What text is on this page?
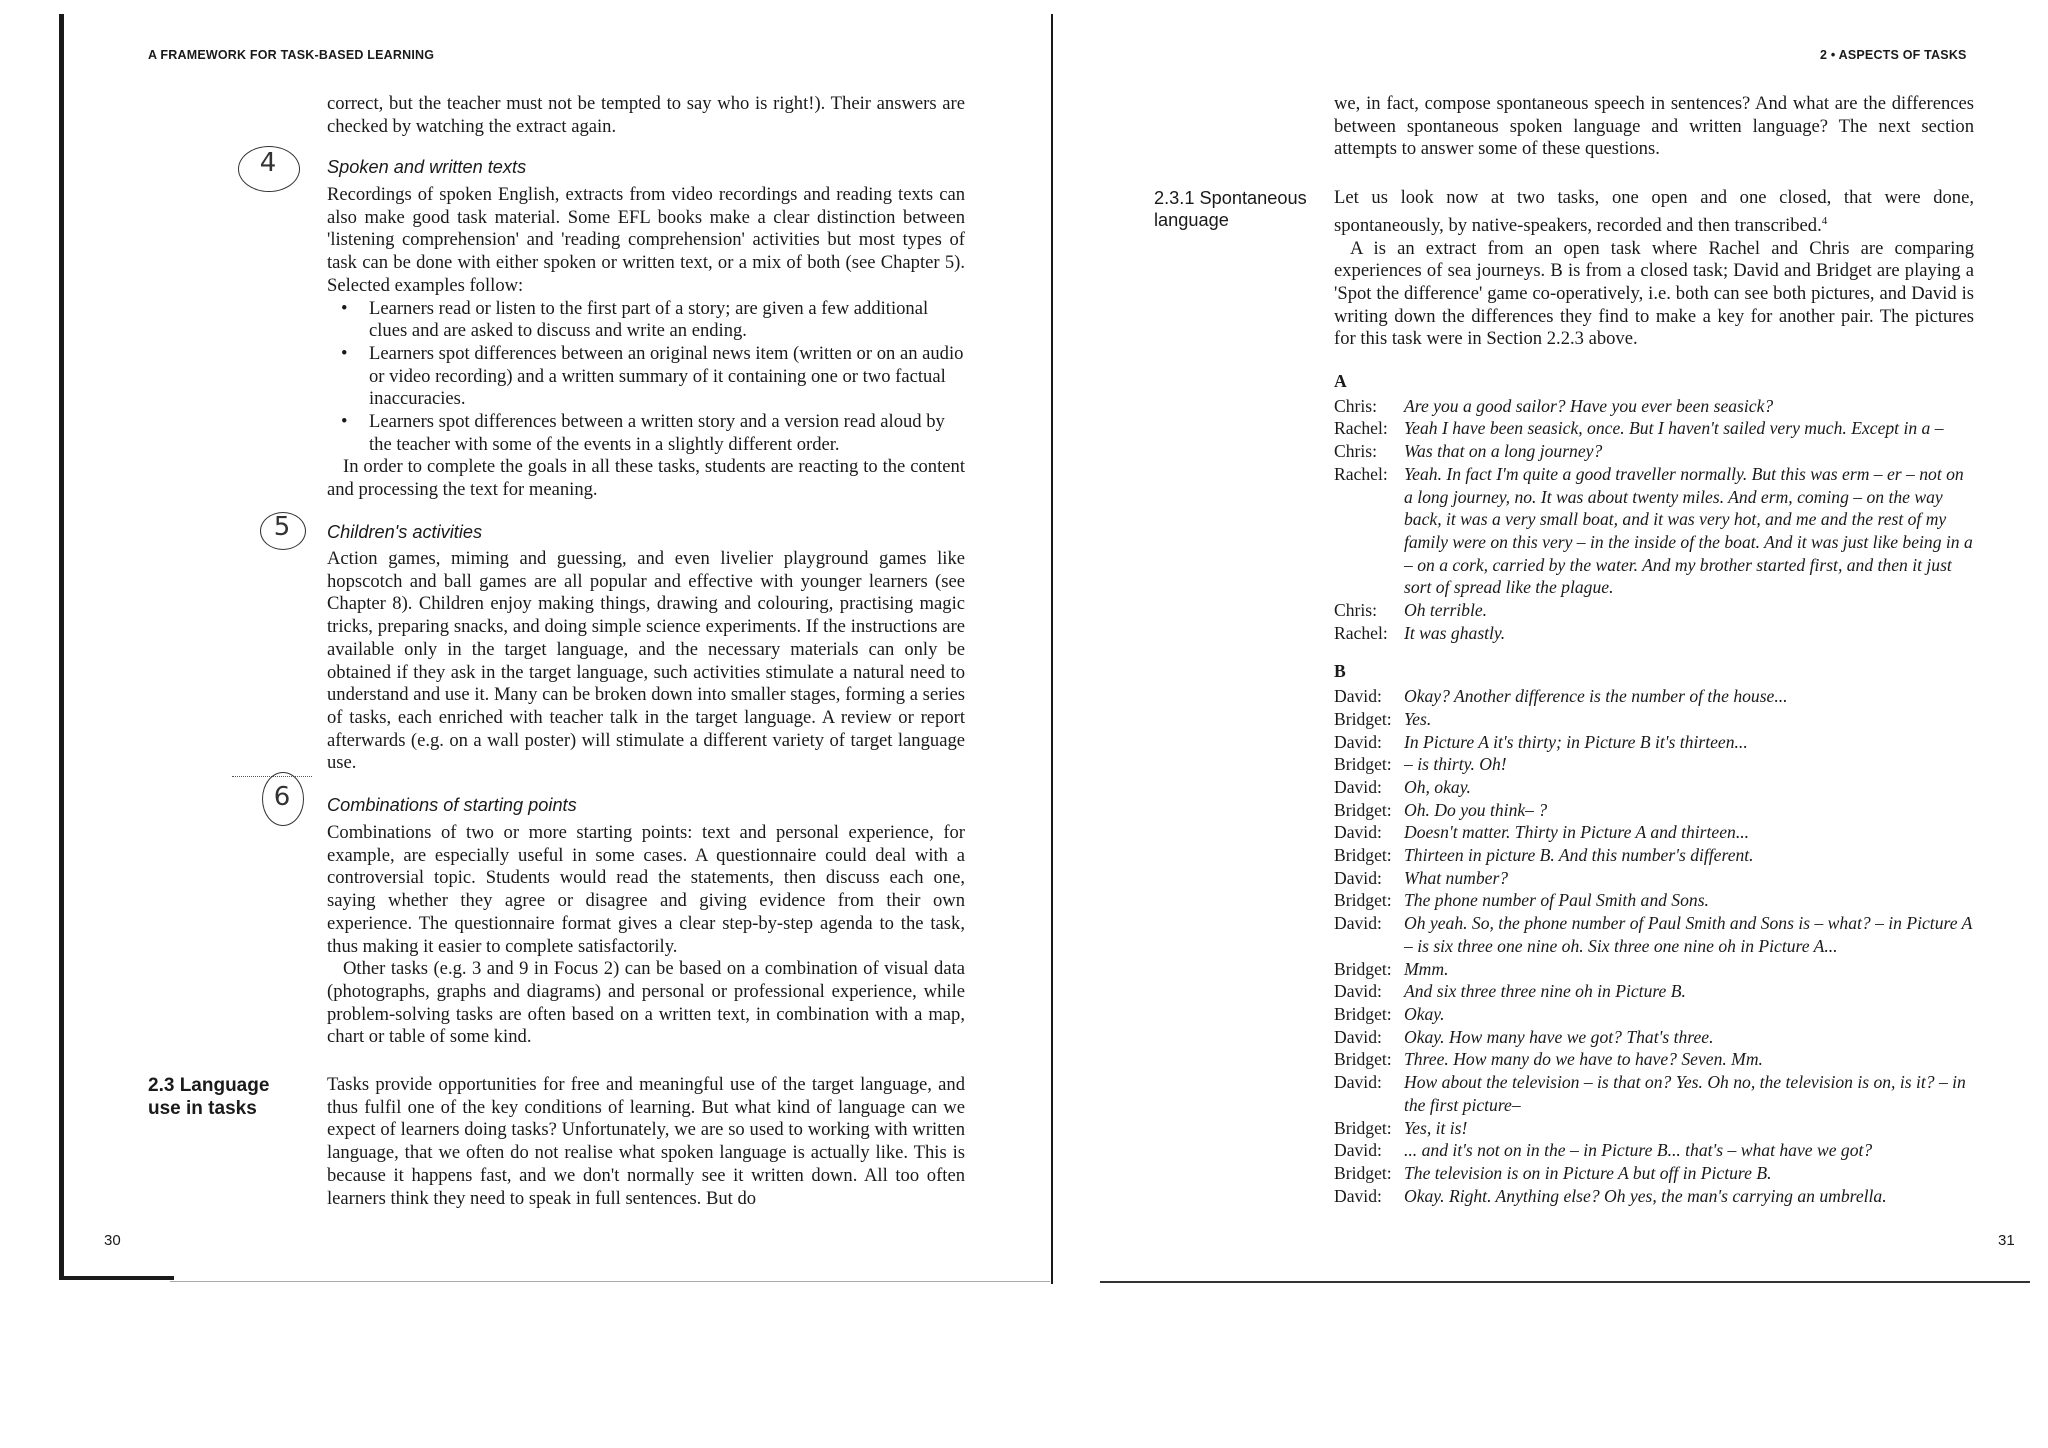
A FRAMEWORK FOR TASK-BASED LEARNING
correct, but the teacher must not be tempted to say who is right!). Their answers are checked by watching the extract again.
4	Spoken and written texts

Recordings of spoken English, extracts from video recordings and reading texts can also make good task material. Some EFL books make a clear distinction between 'listening comprehension' and 'reading comprehension' activities but most types of task can be done with either spoken or written text, or a mix of both (see Chapter 5). Selected examples follow:

• Learners read or listen to the first part of a story; are given a few additional clues and are asked to discuss and write an ending.
• Learners spot differences between an original news item (written or on an audio or video recording) and a written summary of it containing one or two factual inaccuracies.
• Learners spot differences between a written story and a version read aloud by the teacher with some of the events in a slightly different order.

In order to complete the goals in all these tasks, students are reacting to the content and processing the text for meaning.

5	Children's activities
Action games, miming and guessing, and even livelier playground games like hopscotch and ball games are all popular and effective with younger learners (see Chapter 8). Children enjoy making things, drawing and colouring, practising magic tricks, preparing snacks, and doing simple science experiments. If the instructions are available only in the target language, and the necessary materials can only be obtained if they ask in the target language, such activities stimulate a natural need to understand and use it. Many can be broken down into smaller stages, forming a series of tasks, each enriched with teacher talk in the target language. A review or report afterwards (e.g. on a wall poster) will stimulate a different variety of target language use.
6	Combinations of starting points

Combinations of two or more starting points: text and personal experience, for example, are especially useful in some cases. A questionnaire could deal with a controversial topic. Students would read the statements, then discuss each one, saying whether they agree or disagree and giving evidence from their own experience. The questionnaire format gives a clear step-by-step agenda to the task, thus making it easier to complete satisfactorily.

Other tasks (e.g. 3 and 9 in Focus 2) can be based on a combination of visual data (photographs, graphs and diagrams) and personal or professional experience, while problem-solving tasks are often based on a written text, in combination with a map, chart or table of some kind.

2.3 Language
use in tasks
Tasks provide opportunities for free and meaningful use of the target language, and thus fulfil one of the key conditions of learning. But what kind of language can we expect of learners doing tasks? Unfortunately, we are so used to working with written language, that we often do not realise what spoken language is actually like. This is because it happens fast, and we don't normally see it written down. All too often learners think they need to speak in full sentences. But do
30
2 • ASPECTS OF TASKS
we, in fact, compose spontaneous speech in sentences? And what are the differences between spontaneous spoken language and written language? The next section attempts to answer some of these questions.
2.3.1 Spontaneous
language

Let us look now at two tasks, one open and one closed, that were done, spontaneously, by native-speakers, recorded and then transcribed.$^4$

A is an extract from an open task where Rachel and Chris are comparing experiences of sea journeys. B is from a closed task; David and Bridget are playing a 'Spot the difference' game co-operatively, i.e. both can see both pictures, and David is writing down the differences they find to make a key for another pair. The pictures for this task were in Section 2.2.3 above.

A
Chris:	Are you a good sailor? Have you ever been seasick?
Rachel: Yeah I have been seasick, once. But I haven't sailed very much. Except in a –
Chris:	Was that on a long journey?
Rachel: Yeah. In fact I'm quite a good traveller normally. But this was erm – er – not on a long journey, no. It was about twenty miles. And erm, coming – on the way back, it was a very small boat, and it was very hot, and me and the rest of my family were on this very – in the inside of the boat. And it was just like being in a – on a cork, carried by the water. And my brother started first, and then it just sort of spread like the plague.
Chris:	Oh terrible.
Rachel: It was ghastly.
B
David:	Okay? Another difference is the number of the house...
Bridget: Yes.
David:	In Picture A it's thirty; in Picture B it's thirteen...
Bridget: – is thirty. Oh!
David:	Oh, okay.
Bridget: Oh. Do you think– ?
David:	Doesn't matter. Thirty in Picture A and thirteen...
Bridget: Thirteen in picture B. And this number's different.
David:	What number?
Bridget: The phone number of Paul Smith and Sons.
David:	Oh yeah. So, the phone number of Paul Smith and Sons is – what? – in Picture A – is six three one nine oh. Six three one nine oh in Picture A...
Bridget: Mmm.
David:	And six three three nine oh in Picture B.
Bridget: Okay.
David:	Okay. How many have we got? That's three.
Bridget: Three. How many do we have to have? Seven. Mm.
David:	How about the television – is that on? Yes. Oh no, the television is on, is it? – in the first picture–
Bridget: Yes, it is!
David:	... and it's not on in the – in Picture B... that's – what have we got?
Bridget: The television is on in Picture A but off in Picture B.
David:	Okay. Right. Anything else? Oh yes, the man's carrying an umbrella.
31
